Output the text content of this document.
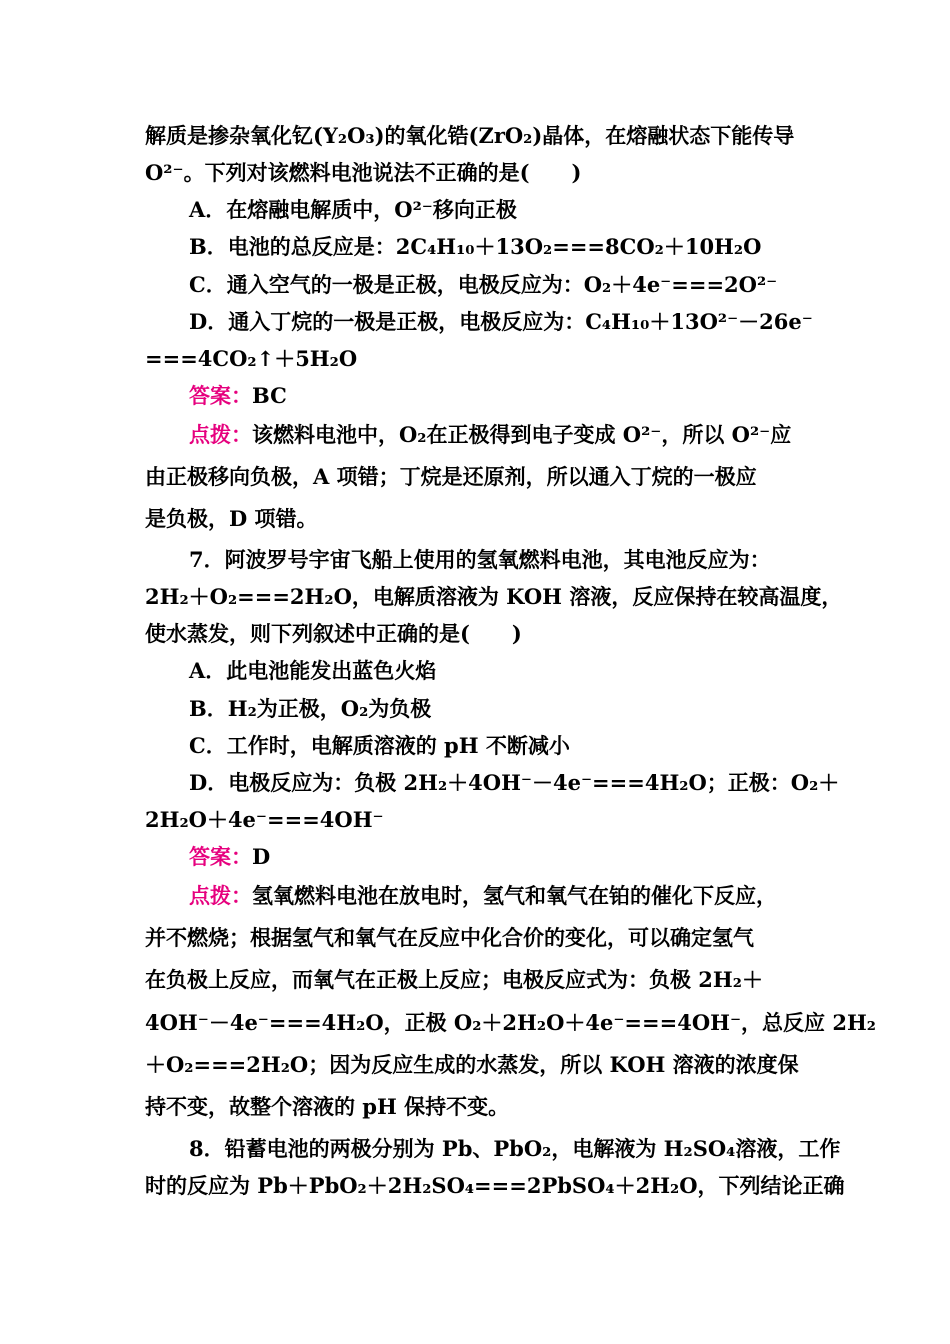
解质是掺杂氧化钇(Y₂O₃)的氧化锆(ZrO₂)晶体，在熔融状态下能传导
O²⁻。下列对该燃料电池说法不正确的是(　　)
A．在熔融电解质中，O²⁻移向正极
B．电池的总反应是：2C₄H₁₀＋13O₂===8CO₂＋10H₂O
C．通入空气的一极是正极，电极反应为：O₂＋4e⁻===2O²⁻
D．通入丁烷的一极是正极，电极反应为：C₄H₁₀＋13O²⁻－26e⁻
===4CO₂↑＋5H₂O
答案：BC
点拨：该燃料电池中，O₂在正极得到电子变成 O²⁻，所以 O²⁻应
由正极移向负极，A 项错；丁烷是还原剂，所以通入丁烷的一极应
是负极，D 项错。
7．阿波罗号宇宙飞船上使用的氢氧燃料电池，其电池反应为：
2H₂＋O₂===2H₂O，电解质溶液为 KOH 溶液，反应保持在较高温度，
使水蒸发，则下列叙述中正确的是(　　)
A．此电池能发出蓝色火焰
B．H₂为正极，O₂为负极
C．工作时，电解质溶液的 pH 不断减小
D．电极反应为：负极 2H₂＋4OH⁻－4e⁻===4H₂O；正极：O₂＋
2H₂O＋4e⁻===4OH⁻
答案：D
点拨：氢氧燃料电池在放电时，氢气和氧气在铂的催化下反应，
并不燃烧；根据氢气和氧气在反应中化合价的变化，可以确定氢气
在负极上反应，而氧气在正极上反应；电极反应式为：负极 2H₂＋
4OH⁻－4e⁻===4H₂O，正极 O₂＋2H₂O＋4e⁻===4OH⁻，总反应 2H₂
＋O₂===2H₂O；因为反应生成的水蒸发，所以 KOH 溶液的浓度保
持不变，故整个溶液的 pH 保持不变。
8．铅蓄电池的两极分别为 Pb、PbO₂，电解液为 H₂SO₄溶液，工作
时的反应为 Pb＋PbO₂＋2H₂SO₄===2PbSO₄＋2H₂O，下列结论正确
